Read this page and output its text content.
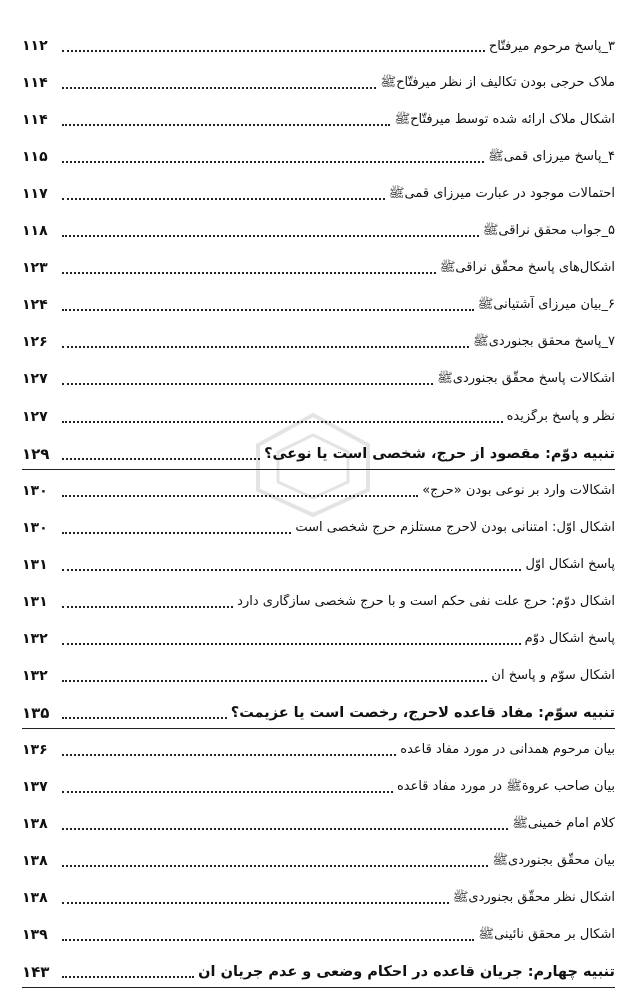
۱۱۲	۳_پاسخ مرحوم میرفتّاح
۱۱۴	ملاک حرجی بودن تکالیف از نظر میرفتّاح‌ﷺ
۱۱۴	اشکال ملاک ارائه شده توسط میرفتّاح‌ﷺ
۱۱۵	۴_پاسخ میرزای قمی‌ﷺ
۱۱۷	احتمالات موجود در عبارت میرزای قمی‌ﷺ
۱۱۸	۵_جواب محقق نراقی‌ﷺ
۱۲۳	اشکال‌های پاسخ محقّق نراقی‌ﷺ
۱۲۴	۶_بیان میرزای آشتیانی‌ﷺ
۱۲۶	۷_پاسخ محقق بجنوردی‌ﷺ
۱۲۷	اشکالات پاسخ محقّق بجنوردی‌ﷺ
۱۲۷	نظر و پاسخ برگزیده
۱۲۹	تنبیه دوّم: مقصود از حرج، شخصی است یا نوعی؟
۱۳۰	اشکالات وارد بر نوعی بودن «حرج»
۱۳۰	اشکال اوّل: امتنانی بودن لاحرج مستلزم حرج شخصی است
۱۳۱	پاسخ اشکال اوّل
۱۳۱	اشکال دوّم: حرج علّت نفی حکم است و با حرج شخصی سازگاری دارد
۱۳۲	پاسخ اشکال دوّم
۱۳۲	اشکال سوّم و پاسخ آن
۱۳۵	تنبیه سوّم: مفاد قاعده لاحرج، رخصت است یا عزیمت؟
۱۳۶	بیان مرحوم همدانی در مورد مفاد قاعده
۱۳۷	بیان صاحب عروة‌ﷺ در مورد مفاد قاعده
۱۳۸	کلام امام خمینی‌ﷺ
۱۳۸	بیان محقّق بجنوردی‌ﷺ
۱۳۸	اشکال نظر محقّق بجنوردی‌ﷺ
۱۳۹	اشکال بر محقق نائینی‌ﷺ
۱۴۳	تنبیه چهارم: جریان قاعده در احکام وضعی و عدم جریان آن
